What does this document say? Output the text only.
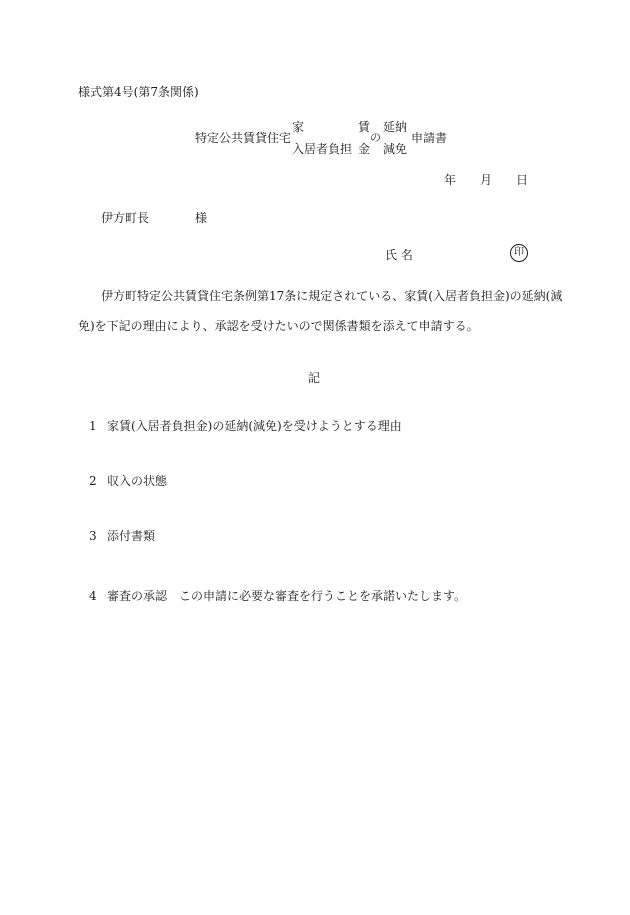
様式第4号(第7条関係)
特定公共賃貸住宅
家
入居者負担
賃
金
の
延納
減免
申請書
年 月 日
伊方町長	様
氏 名	印
伊方町特定公共賃貸住宅条例第17条に規定されている、家賃(入居者負担金)の延納(減
免)を下記の理由により、承認を受けたいので関係書類を添えて申請する。
記
1 家賃(入居者負担金)の延納(減免)を受けようとする理由
2 収入の状態
3 添付書類
4 審査の承認　この申請に必要な審査を行うことを承諾いたします。
